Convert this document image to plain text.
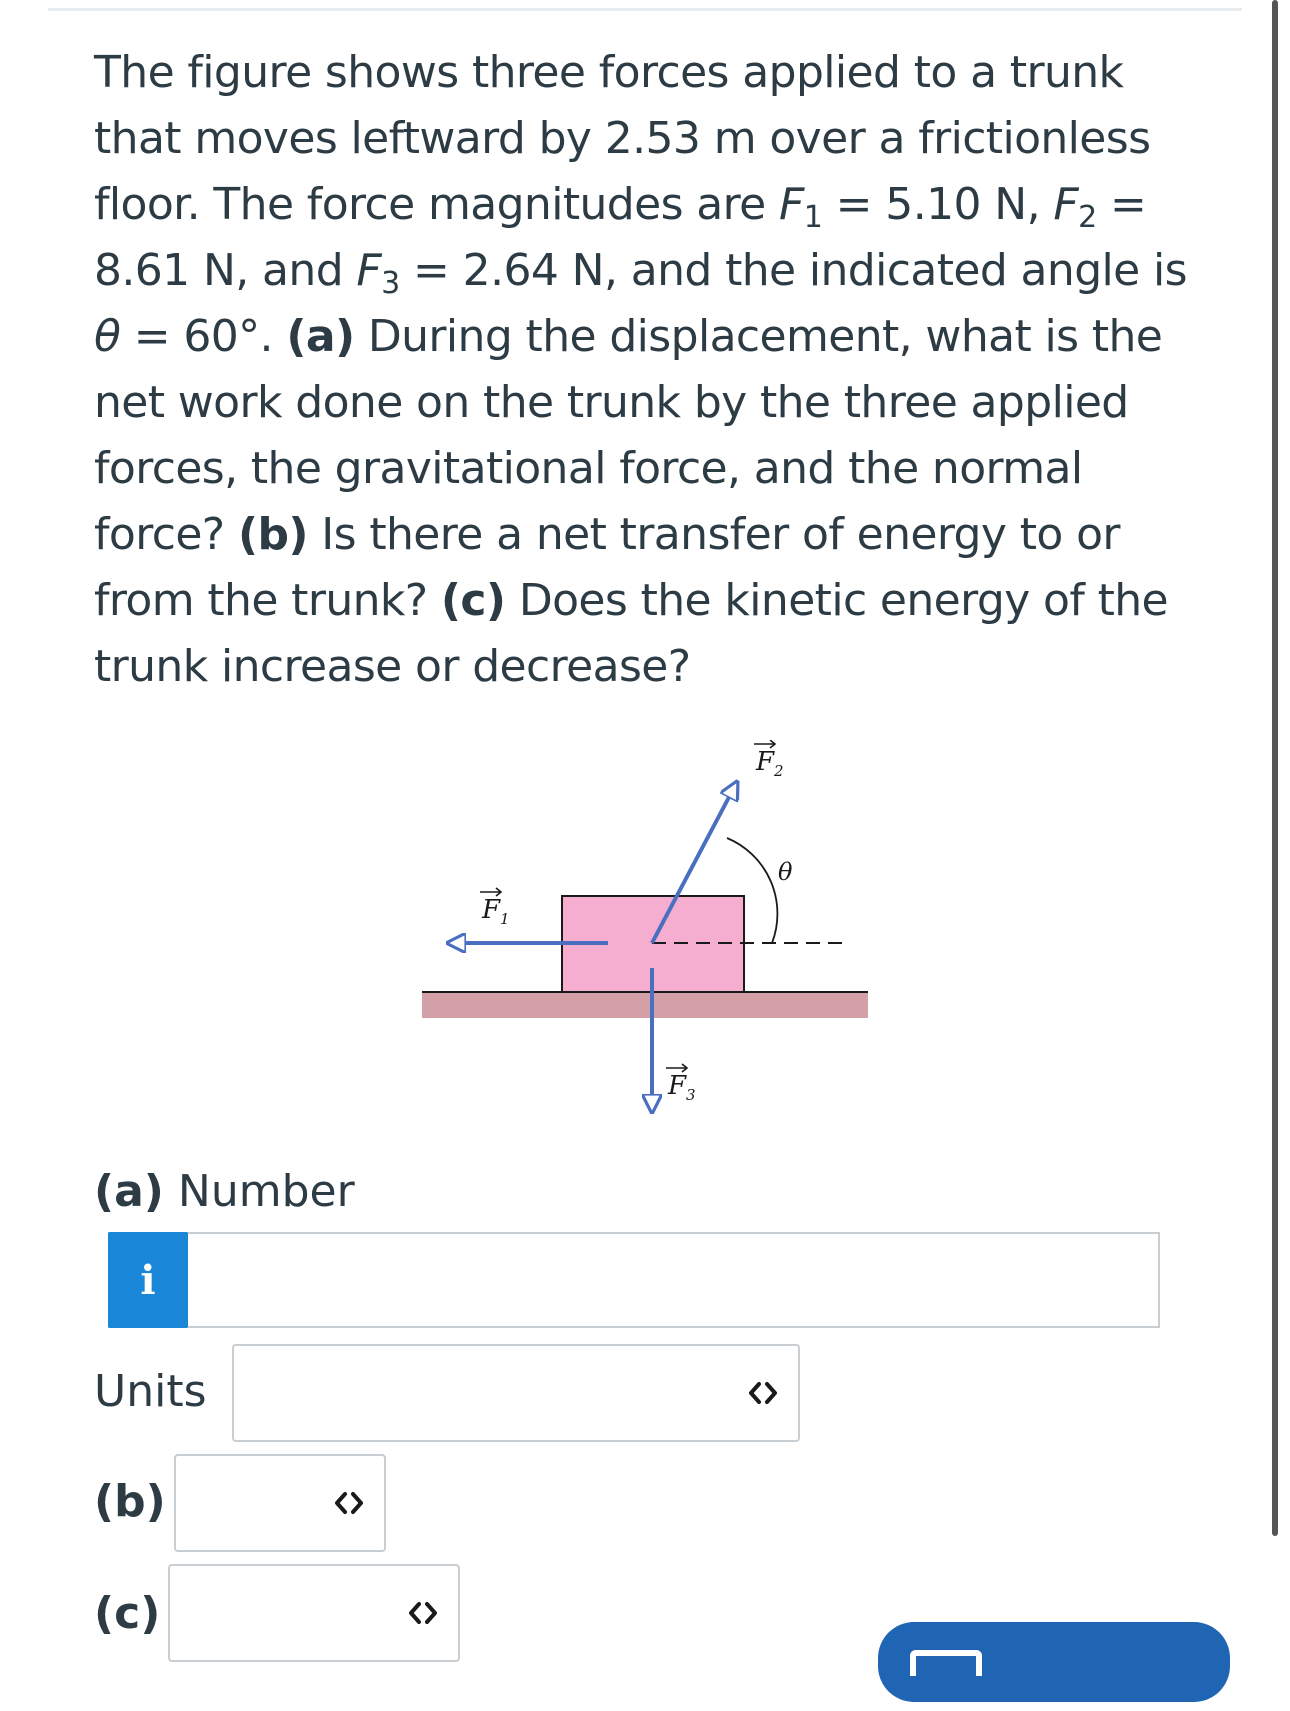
The figure shows three forces applied to a trunk that moves leftward by 2.53 m over a frictionless floor. The force magnitudes are $F_1 = 5.10$ N, $F_2 = 8.61$ N, and $F_3 = 2.64$ N, and the indicated angle is θ = 60°. (a) During the displacement, what is the net work done on the trunk by the three applied forces, the gravitational force, and the normal force? (b) Is there a net transfer of energy to or from the trunk? (c) Does the kinetic energy of the trunk increase or decrease?
$F_1$
$F_2$
$F_3$
θ
(a) Number
i
Units
(b)
(c)
